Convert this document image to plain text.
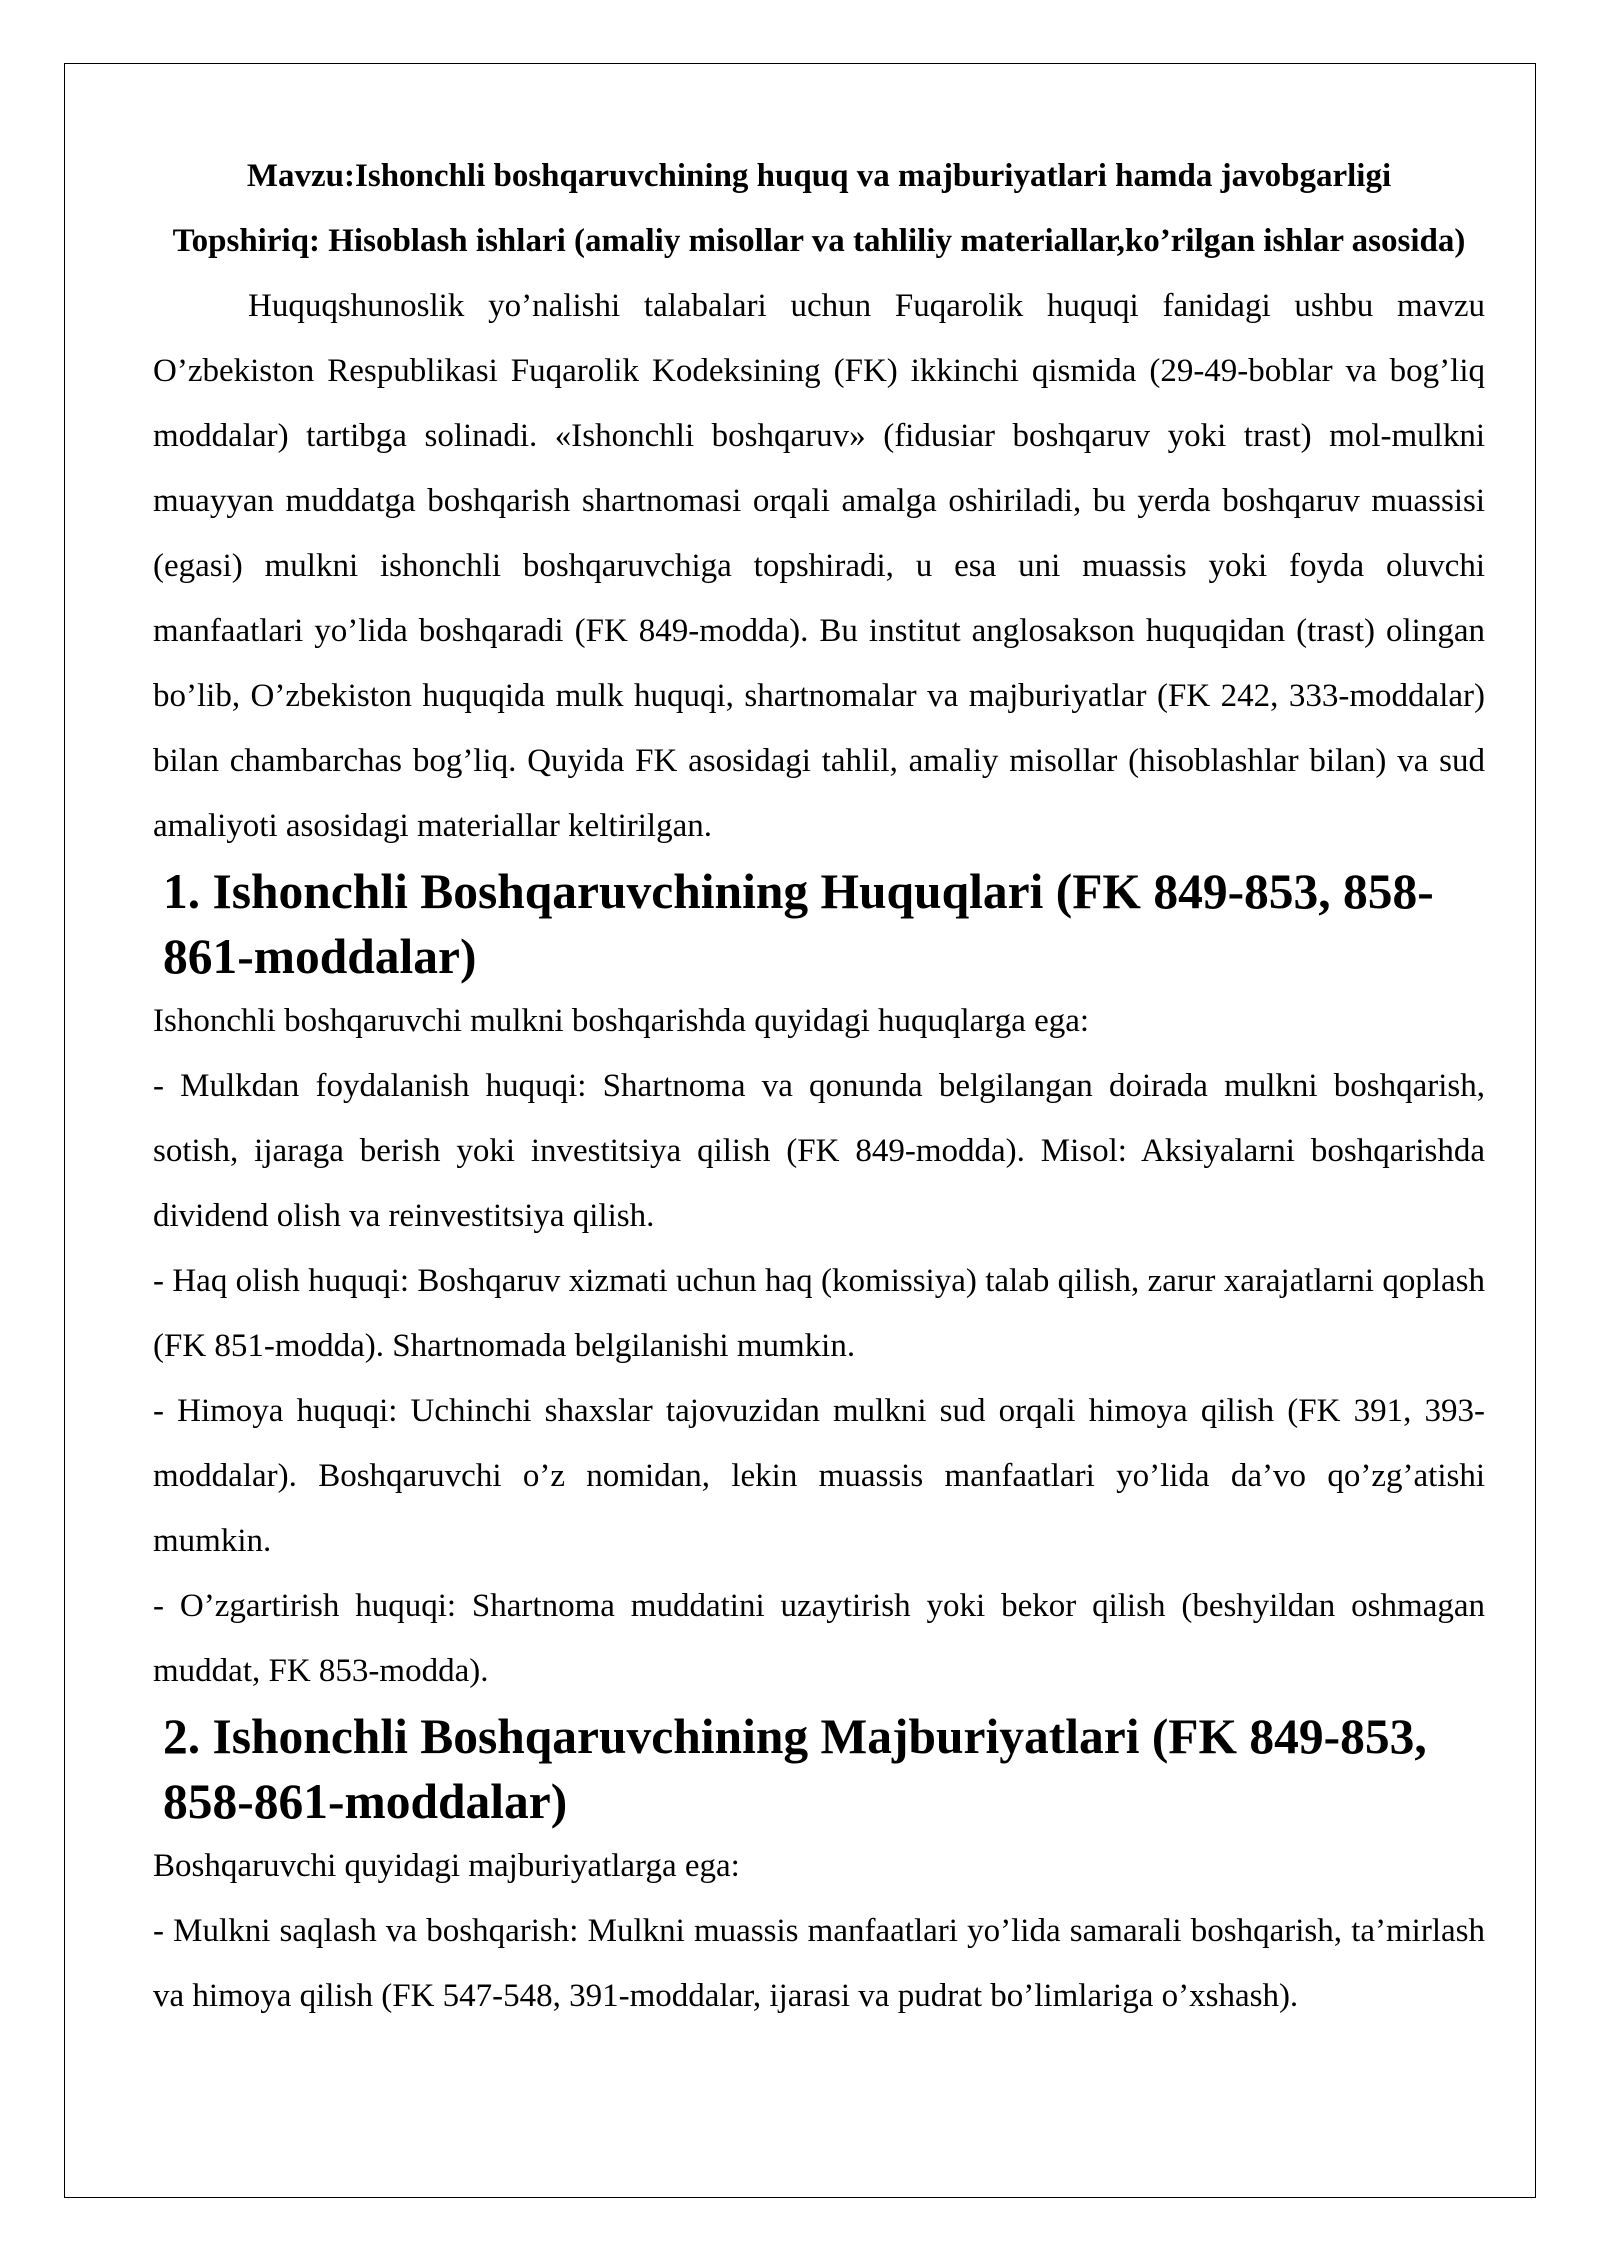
Mavzu:Ishonchli boshqaruvchining huquq va majburiyatlari hamda javobgarligi
Topshiriq: Hisoblash ishlari (amaliy misollar va tahliliy materiallar,ko’rilgan ishlar asosida)

Huquqshunoslik yo’nalishi talabalari uchun Fuqarolik huquqi fanidagi ushbu mavzu O’zbekiston Respublikasi Fuqarolik Kodeksining (FK) ikkinchi qismida (29-49-boblar va bog’liq moddalar) tartibga solinadi. «Ishonchli boshqaruv» (fidusiar boshqaruv yoki trast) mol-mulkni muayyan muddatga boshqarish shartnomasi orqali amalga oshiriladi, bu yerda boshqaruv muassisi (egasi) mulkni ishonchli boshqaruvchiga topshiradi, u esa uni muassis yoki foyda oluvchi manfaatlari yo’lida boshqaradi (FK 849-modda). Bu institut anglosakson huquqidan (trast) olingan bo’lib, O’zbekiston huquqida mulk huquqi, shartnomalar va majburiyatlar (FK 242, 333-moddalar) bilan chambarchas bog’liq. Quyida FK asosidagi tahlil, amaliy misollar (hisoblashlar bilan) va sud amaliyoti asosidagi materiallar keltirilgan.

1. Ishonchli Boshqaruvchining Huquqlari (FK 849-853, 858-861-moddalar)

Ishonchli boshqaruvchi mulkni boshqarishda quyidagi huquqlarga ega:

- Mulkdan foydalanish huquqi: Shartnoma va qonunda belgilangan doirada mulkni boshqarish, sotish, ijaraga berish yoki investitsiya qilish (FK 849-modda). Misol: Aksiyalarni boshqarishda dividend olish va reinvestitsiya qilish.

- Haq olish huquqi: Boshqaruv xizmati uchun haq (komissiya) talab qilish, zarur xarajatlarni qoplash (FK 851-modda). Shartnomada belgilanishi mumkin.

- Himoya huquqi: Uchinchi shaxslar tajovuzidan mulkni sud orqali himoya qilish (FK 391, 393-moddalar). Boshqaruvchi o’z nomidan, lekin muassis manfaatlari yo’lida da’vo qo’zg’atishi mumkin.

- O’zgartirish huquqi: Shartnoma muddatini uzaytirish yoki bekor qilish (beshyildan oshmagan muddat, FK 853-modda).

2. Ishonchli Boshqaruvchining Majburiyatlari (FK 849-853, 858-861-moddalar)

Boshqaruvchi quyidagi majburiyatlarga ega:

- Mulkni saqlash va boshqarish: Mulkni muassis manfaatlari yo’lida samarali boshqarish, ta’mirlash va himoya qilish (FK 547-548, 391-moddalar, ijarasi va pudrat bo’limlariga o’xshash).
